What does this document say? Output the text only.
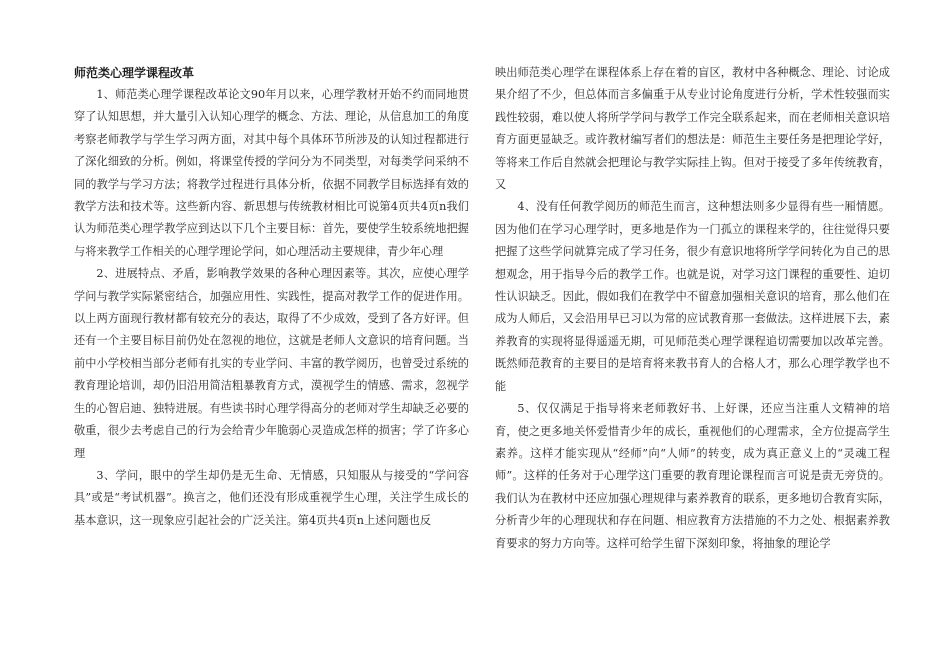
师范类心理学课程改革

1、师范类心理学课程改革论文90年月以来，心理学教材开始不约而同地贯穿了认知思想，并大量引入认知心理学的概念、方法、理论，从信息加工的角度考察老师教学与学生学习两方面，对其中每个具体环节所涉及的认知过程都进行了深化细致的分析。例如，将课堂传授的学问分为不同类型，对每类学问采纳不同的教学与学习方法；将教学过程进行具体分析，依据不同教学目标选择有效的教学方法和技术等。这些新内容、新思想与传统教材相比可说第4页共4页n我们认为师范类心理学教学应到达以下几个主要目标：首先，要使学生较系统地把握与将来教学工作相关的心理学理论学问，如心理活动主要规律，青少年心理

2、进展特点、矛盾，影响教学效果的各种心理因素等。其次，应使心理学学问与教学实际紧密结合，加强应用性、实践性，提高对教学工作的促进作用。以上两方面现行教材都有较充分的表达，取得了不少成效，受到了各方好评。但还有一个主要目标目前仍处在忽视的地位，这就是老师人文意识的培育问题。当前中小学校相当部分老师有扎实的专业学问、丰富的教学阅历，也曾受过系统的教育理论培训，却仍旧沿用简洁粗暴教育方式，漠视学生的情感、需求，忽视学生的心智启迪、独特进展。有些读书时心理学得高分的老师对学生却缺乏必要的敬重，很少去考虑自己的行为会给青少年脆弱心灵造成怎样的损害；学了许多心理

3、学问，眼中的学生却仍是无生命、无情感，只知服从与接受的“学问容具”或是“考试机器”。换言之，他们还没有形成重视学生心理，关注学生成长的基本意识，这一现象应引起社会的广泛关注。第4页共4页n上述问题也反

映出师范类心理学在课程体系上存在着的盲区，教材中各种概念、理论、讨论成果介绍了不少，但总体而言多偏重于从专业讨论角度进行分析，学术性较强而实践性较弱，难以使人将所学学问与教学工作完全联系起来，而在老师相关意识培育方面更显缺乏。或许教材编写者们的想法是：师范生主要任务是把理论学好，等将来工作后自然就会把理论与教学实际挂上钩。但对于接受了多年传统教育，又

4、没有任何教学阅历的师范生而言，这种想法则多少显得有些一厢情愿。因为他们在学习心理学时，更多地是作为一门孤立的课程来学的，往往觉得只要把握了这些学问就算完成了学习任务，很少有意识地将所学学问转化为自己的思想观念，用于指导今后的教学工作。也就是说，对学习这门课程的重要性、迫切性认识缺乏。因此，假如我们在教学中不留意加强相关意识的培育，那么他们在成为人师后，又会沿用早已习以为常的应试教育那一套做法。这样进展下去，素养教育的实现将显得遥遥无期，可见师范类心理学课程追切需要加以改革完善。既然师范教育的主要目的是培育将来教书育人的合格人才，那么心理学教学也不能

5、仅仅满足于指导将来老师教好书、上好课，还应当注重人文精神的培育，使之更多地关怀爱惜青少年的成长，重视他们的心理需求，全方位提高学生素养。这样才能实现从“经师”向“人师”的转变，成为真正意义上的“灵魂工程师”。这样的任务对于心理学这门重要的教育理论课程而言可说是责无旁贷的。我们认为在教材中还应加强心理规律与素养教育的联系，更多地切合教育实际，分析青少年的心理现状和存在问题、相应教育方法措施的不力之处、根据素养教育要求的努力方向等。这样可给学生留下深刻印象，将抽象的理论学
